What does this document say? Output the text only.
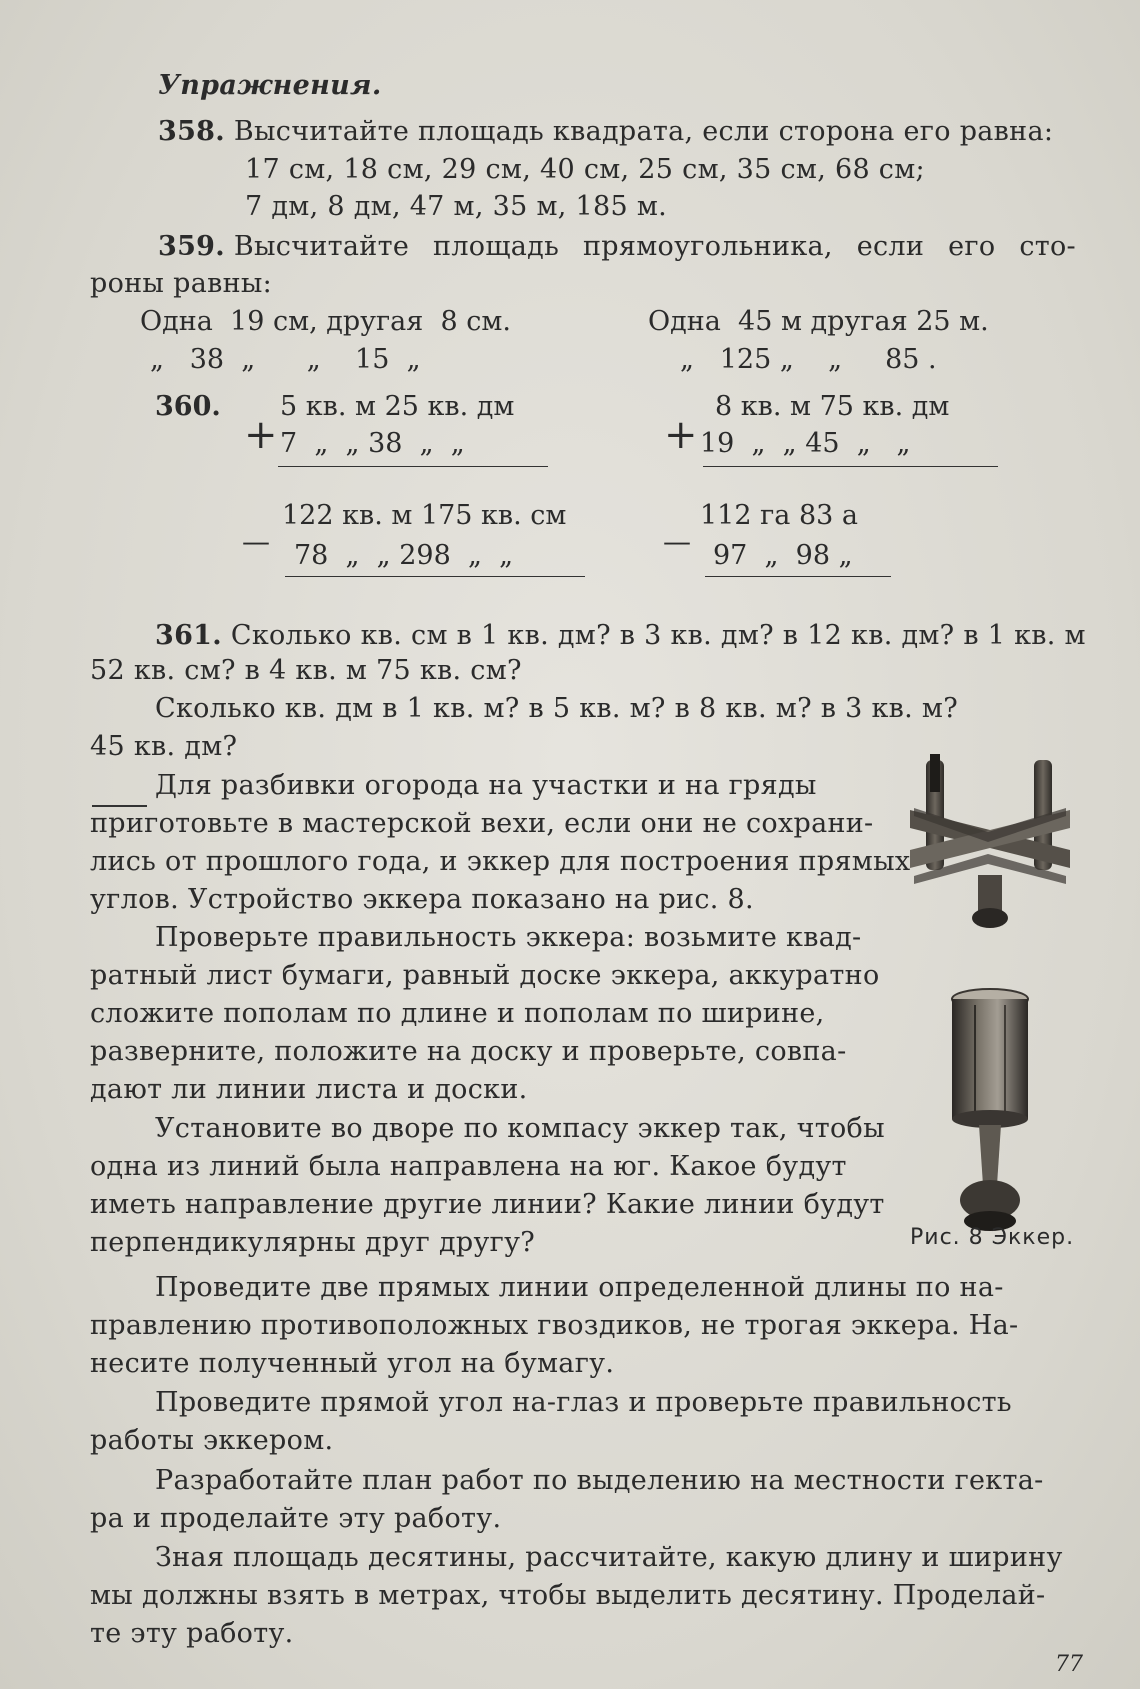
Упражнения.
358. Высчитайте площадь квадрата, если сторона его равна:
17 см, 18 см, 29 см, 40 см, 25 см, 35 см, 68 см;
7 дм, 8 дм, 47 м, 35 м, 185 м.
359. Высчитайте площадь прямоугольника, если его сто-
роны равны:
Одна  19 см, другая  8 см.	Одна  45 м другая 25 м.
„   38  „      „    15  „	„   125 „    „     85 .
360. 5 кв. м 25 кв. дм
+ 7  „  „ 38  „  „
8 кв. м 75 кв. дм
+ 19  „  „ 45  „   „
122 кв. м 175 кв. см
— 78  „  „ 298  „  „
112 га 83 а
— 97  „  98 „
361. Сколько кв. см в 1 кв. дм? в 3 кв. дм? в 12 кв. дм? в 1 кв. м
52 кв. см? в 4 кв. м 75 кв. см?
Сколько кв. дм в 1 кв. м? в 5 кв. м? в 8 кв. м? в 3 кв. м?
45 кв. дм?
Для разбивки огорода на участки и на гряды
приготовьте в мастерской вехи, если они не сохрани-
лись от прошлого года, и эккер для построения прямых
углов. Устройство эккера показано на рис. 8.
Проверьте правильность эккера: возьмите квад-
ратный лист бумаги, равный доске эккера, аккуратно
сложите пополам по длине и пополам по ширине,
разверните, положите на доску и проверьте, совпа-
дают ли линии листа и доски.
Установите во дворе по компасу эккер так, чтобы
одна из линий была направлена на юг. Какое будут
иметь направление другие линии? Какие линии будут
перпендикулярны друг другу?
Проведите две прямых линии определенной длины по на-
правлению противоположных гвоздиков, не трогая эккера. На-
несите полученный угол на бумагу.
Проведите прямой угол на-глаз и проверьте правильность
работы эккером.
Разработайте план работ по выделению на местности гекта-
ра и проделайте эту работу.
Зная площадь десятины, рассчитайте, какую длину и ширину
мы должны взять в метрах, чтобы выделить десятину. Проделай-
те эту работу.
Рис. 8 Эккер.
77
